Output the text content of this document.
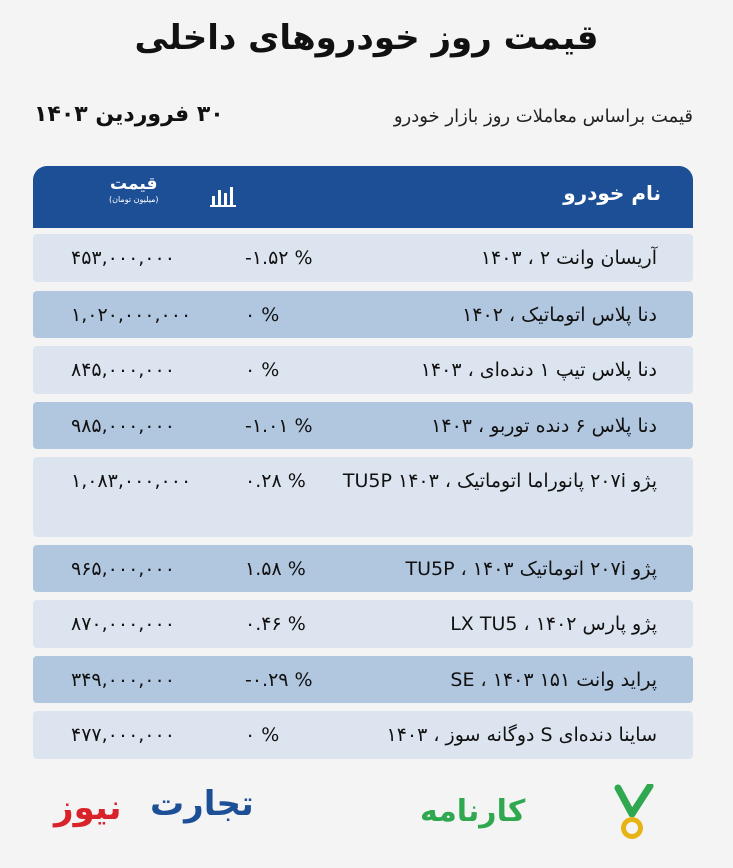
قیمت روز خودروهای داخلی
قیمت براساس معاملات روز بازار خودرو
۳۰ فروردین ۱۴۰۳
نام خودرو
قیمت
(میلیون تومان)
آریسان وانت ۲ ، ۱۴۰۳
-۱.۵۲ %
۴۵۳,۰۰۰,۰۰۰
دنا پلاس اتوماتیک ، ۱۴۰۲
۰ %
۱,۰۲۰,۰۰۰,۰۰۰
دنا پلاس تیپ ۱ دنده‌ای ، ۱۴۰۳
۰ %
۸۴۵,۰۰۰,۰۰۰
دنا پلاس ۶ دنده توربو ، ۱۴۰۳
-۱.۰۱ %
۹۸۵,۰۰۰,۰۰۰
پژو ۲۰۷i پانوراما اتوماتیک ، TU5P ۱۴۰۳
۰.۲۸ %
۱,۰۸۳,۰۰۰,۰۰۰
پژو ۲۰۷i اتوماتیک ۱۴۰۳ ، TU5P
۱.۵۸ %
۹۶۵,۰۰۰,۰۰۰
پژو پارس ۱۴۰۲ ، LX TU5
۰.۴۶ %
۸۷۰,۰۰۰,۰۰۰
پراید وانت ۱۵۱ ۱۴۰۳ ، SE
-۰.۲۹ %
۳۴۹,۰۰۰,۰۰۰
ساینا دنده‌ای S دوگانه سوز ، ۱۴۰۳
۰ %
۴۷۷,۰۰۰,۰۰۰
تجارت
نیوز	کارنامه
